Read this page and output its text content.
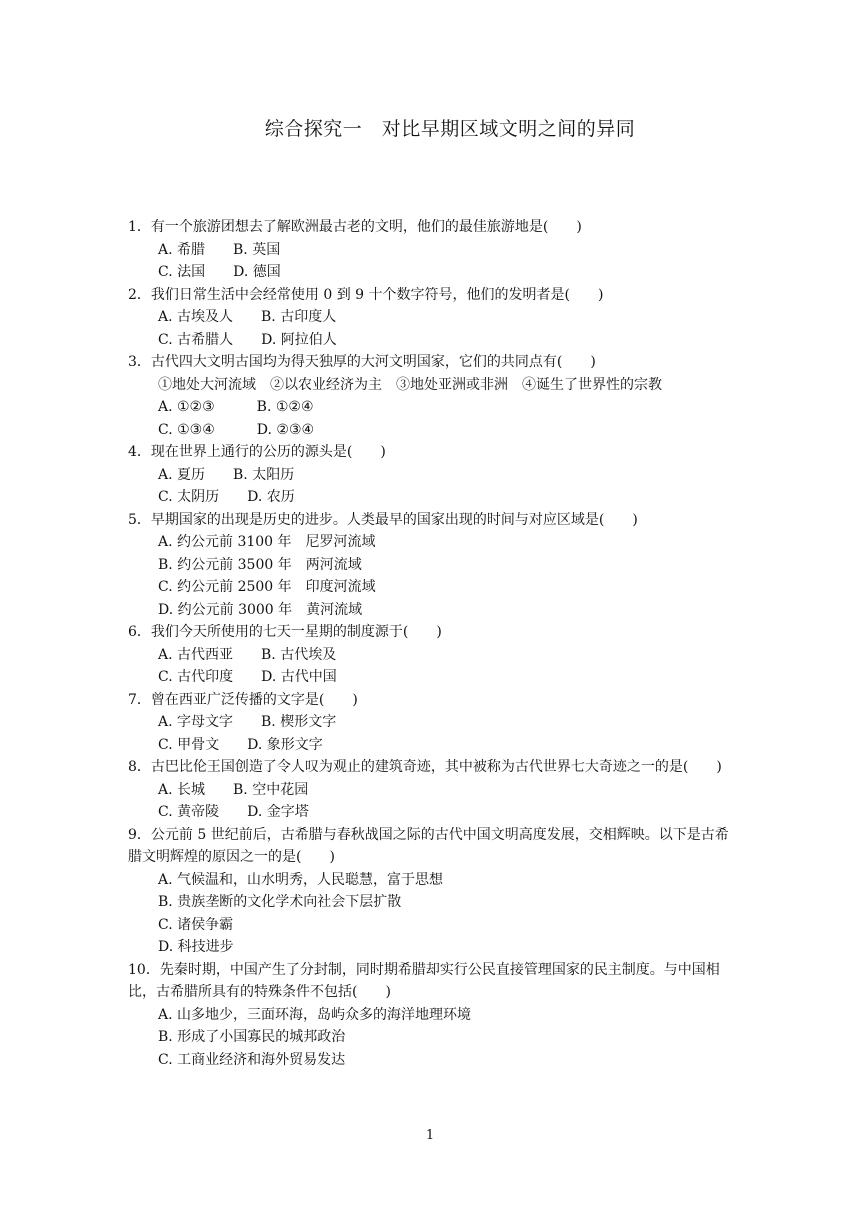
综合探究一　对比早期区域文明之间的异同
1．有一个旅游团想去了解欧洲最古老的文明，他们的最佳旅游地是(　　)
A. 希腊　　B. 英国
C. 法国　　D. 德国
2．我们日常生活中会经常使用 0 到 9 十个数字符号，他们的发明者是(　　)
A. 古埃及人　　B. 古印度人
C. 古希腊人　　D. 阿拉伯人
3．古代四大文明古国均为得天独厚的大河文明国家，它们的共同点有(　　)
①地处大河流域　②以农业经济为主　③地处亚洲或非洲　④诞生了世界性的宗教
A. ①②③　　　B. ①②④
C. ①③④　　　D. ②③④
4．现在世界上通行的公历的源头是(　　)
A. 夏历　　B. 太阳历
C. 太阴历　　D. 农历
5．早期国家的出现是历史的进步。人类最早的国家出现的时间与对应区域是(　　)
A. 约公元前 3100 年　尼罗河流域
B. 约公元前 3500 年　两河流域
C. 约公元前 2500 年　印度河流域
D. 约公元前 3000 年　黄河流域
6．我们今天所使用的七天一星期的制度源于(　　)
A. 古代西亚　　B. 古代埃及
C. 古代印度　　D. 古代中国
7．曾在西亚广泛传播的文字是(　　)
A. 字母文字　　B. 楔形文字
C. 甲骨文　　D. 象形文字
8．古巴比伦王国创造了令人叹为观止的建筑奇迹，其中被称为古代世界七大奇迹之一的是(　　)
A. 长城　　B. 空中花园
C. 黄帝陵　　D. 金字塔
9．公元前 5 世纪前后，古希腊与春秋战国之际的古代中国文明高度发展，交相辉映。以下是古希腊文明辉煌的原因之一的是(　　)
A. 气候温和，山水明秀，人民聪慧，富于思想
B. 贵族垄断的文化学术向社会下层扩散
C. 诸侯争霸
D. 科技进步
10．先秦时期，中国产生了分封制，同时期希腊却实行公民直接管理国家的民主制度。与中国相比，古希腊所具有的特殊条件不包括(　　)
A. 山多地少，三面环海，岛屿众多的海洋地理环境
B. 形成了小国寡民的城邦政治
C. 工商业经济和海外贸易发达
1
